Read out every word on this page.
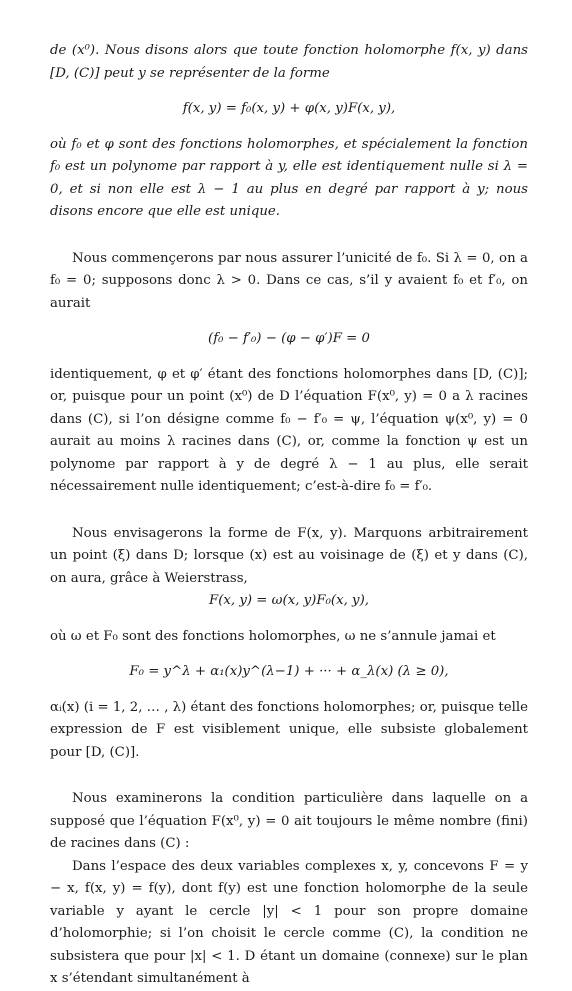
de (x⁰). Nous disons alors que toute fonction holomorphe f(x, y) dans [D, (C)] peut y se représenter de la forme

f(x, y) = f₀(x, y) + φ(x, y)F(x, y),

où f₀ et φ sont des fonctions holomorphes, et spécialement la fonction f₀ est un polynome par rapport à y, elle est identiquement nulle si λ = 0, et si non elle est λ − 1 au plus en degré par rapport à y; nous disons encore que elle est unique.

Nous commençerons par nous assurer l’unicité de f₀. Si λ = 0, on a f₀ = 0; supposons donc λ > 0. Dans ce cas, s’il y avaient f₀ et f′₀, on aurait

(f₀ − f′₀) − (φ − φ′)F = 0

identiquement, φ et φ′ étant des fonctions holomorphes dans [D, (C)]; or, puisque pour un point (x⁰) de D l’équation F(x⁰, y) = 0 a λ racines dans (C), si l’on désigne comme f₀ − f′₀ = ψ, l’équation ψ(x⁰, y) = 0 aurait au moins λ racines dans (C), or, comme la fonction ψ est un polynome par rapport à y de degré λ − 1 au plus, elle serait nécessairement nulle identiquement; c’est-à-dire f₀ = f′₀.

Nous envisagerons la forme de F(x, y). Marquons arbitrairement un point (ξ) dans D; lorsque (x) est au voisinage de (ξ) et y dans (C), on aura, grâce à Weierstrass,

F(x, y) = ω(x, y)F₀(x, y),

où ω et F₀ sont des fonctions holomorphes, ω ne s’annule jamai et

F₀ = y^λ + α₁(x)y^(λ−1) + ··· + α_λ(x) (λ ≥ 0),

αᵢ(x) (i = 1, 2, … , λ) étant des fonctions holomorphes; or, puisque telle expression de F est visiblement unique, elle subsiste globalement pour [D, (C)].

Nous examinerons la condition particulière dans laquelle on a supposé que l’équation F(x⁰, y) = 0 ait toujours le même nombre (fini) de racines dans (C) :

Dans l’espace des deux variables complexes x, y, concevons F = y − x, f(x, y) = f(y), dont f(y) est une fonction holomorphe de la seule variable y ayant le cercle |y| < 1 pour son propre domaine d’holomorphie; si l’on choisit le cercle comme (C), la condition ne subsistera que pour |x| < 1. D étant un domaine (connexe) sur le plan x s’étendant simultanément à
